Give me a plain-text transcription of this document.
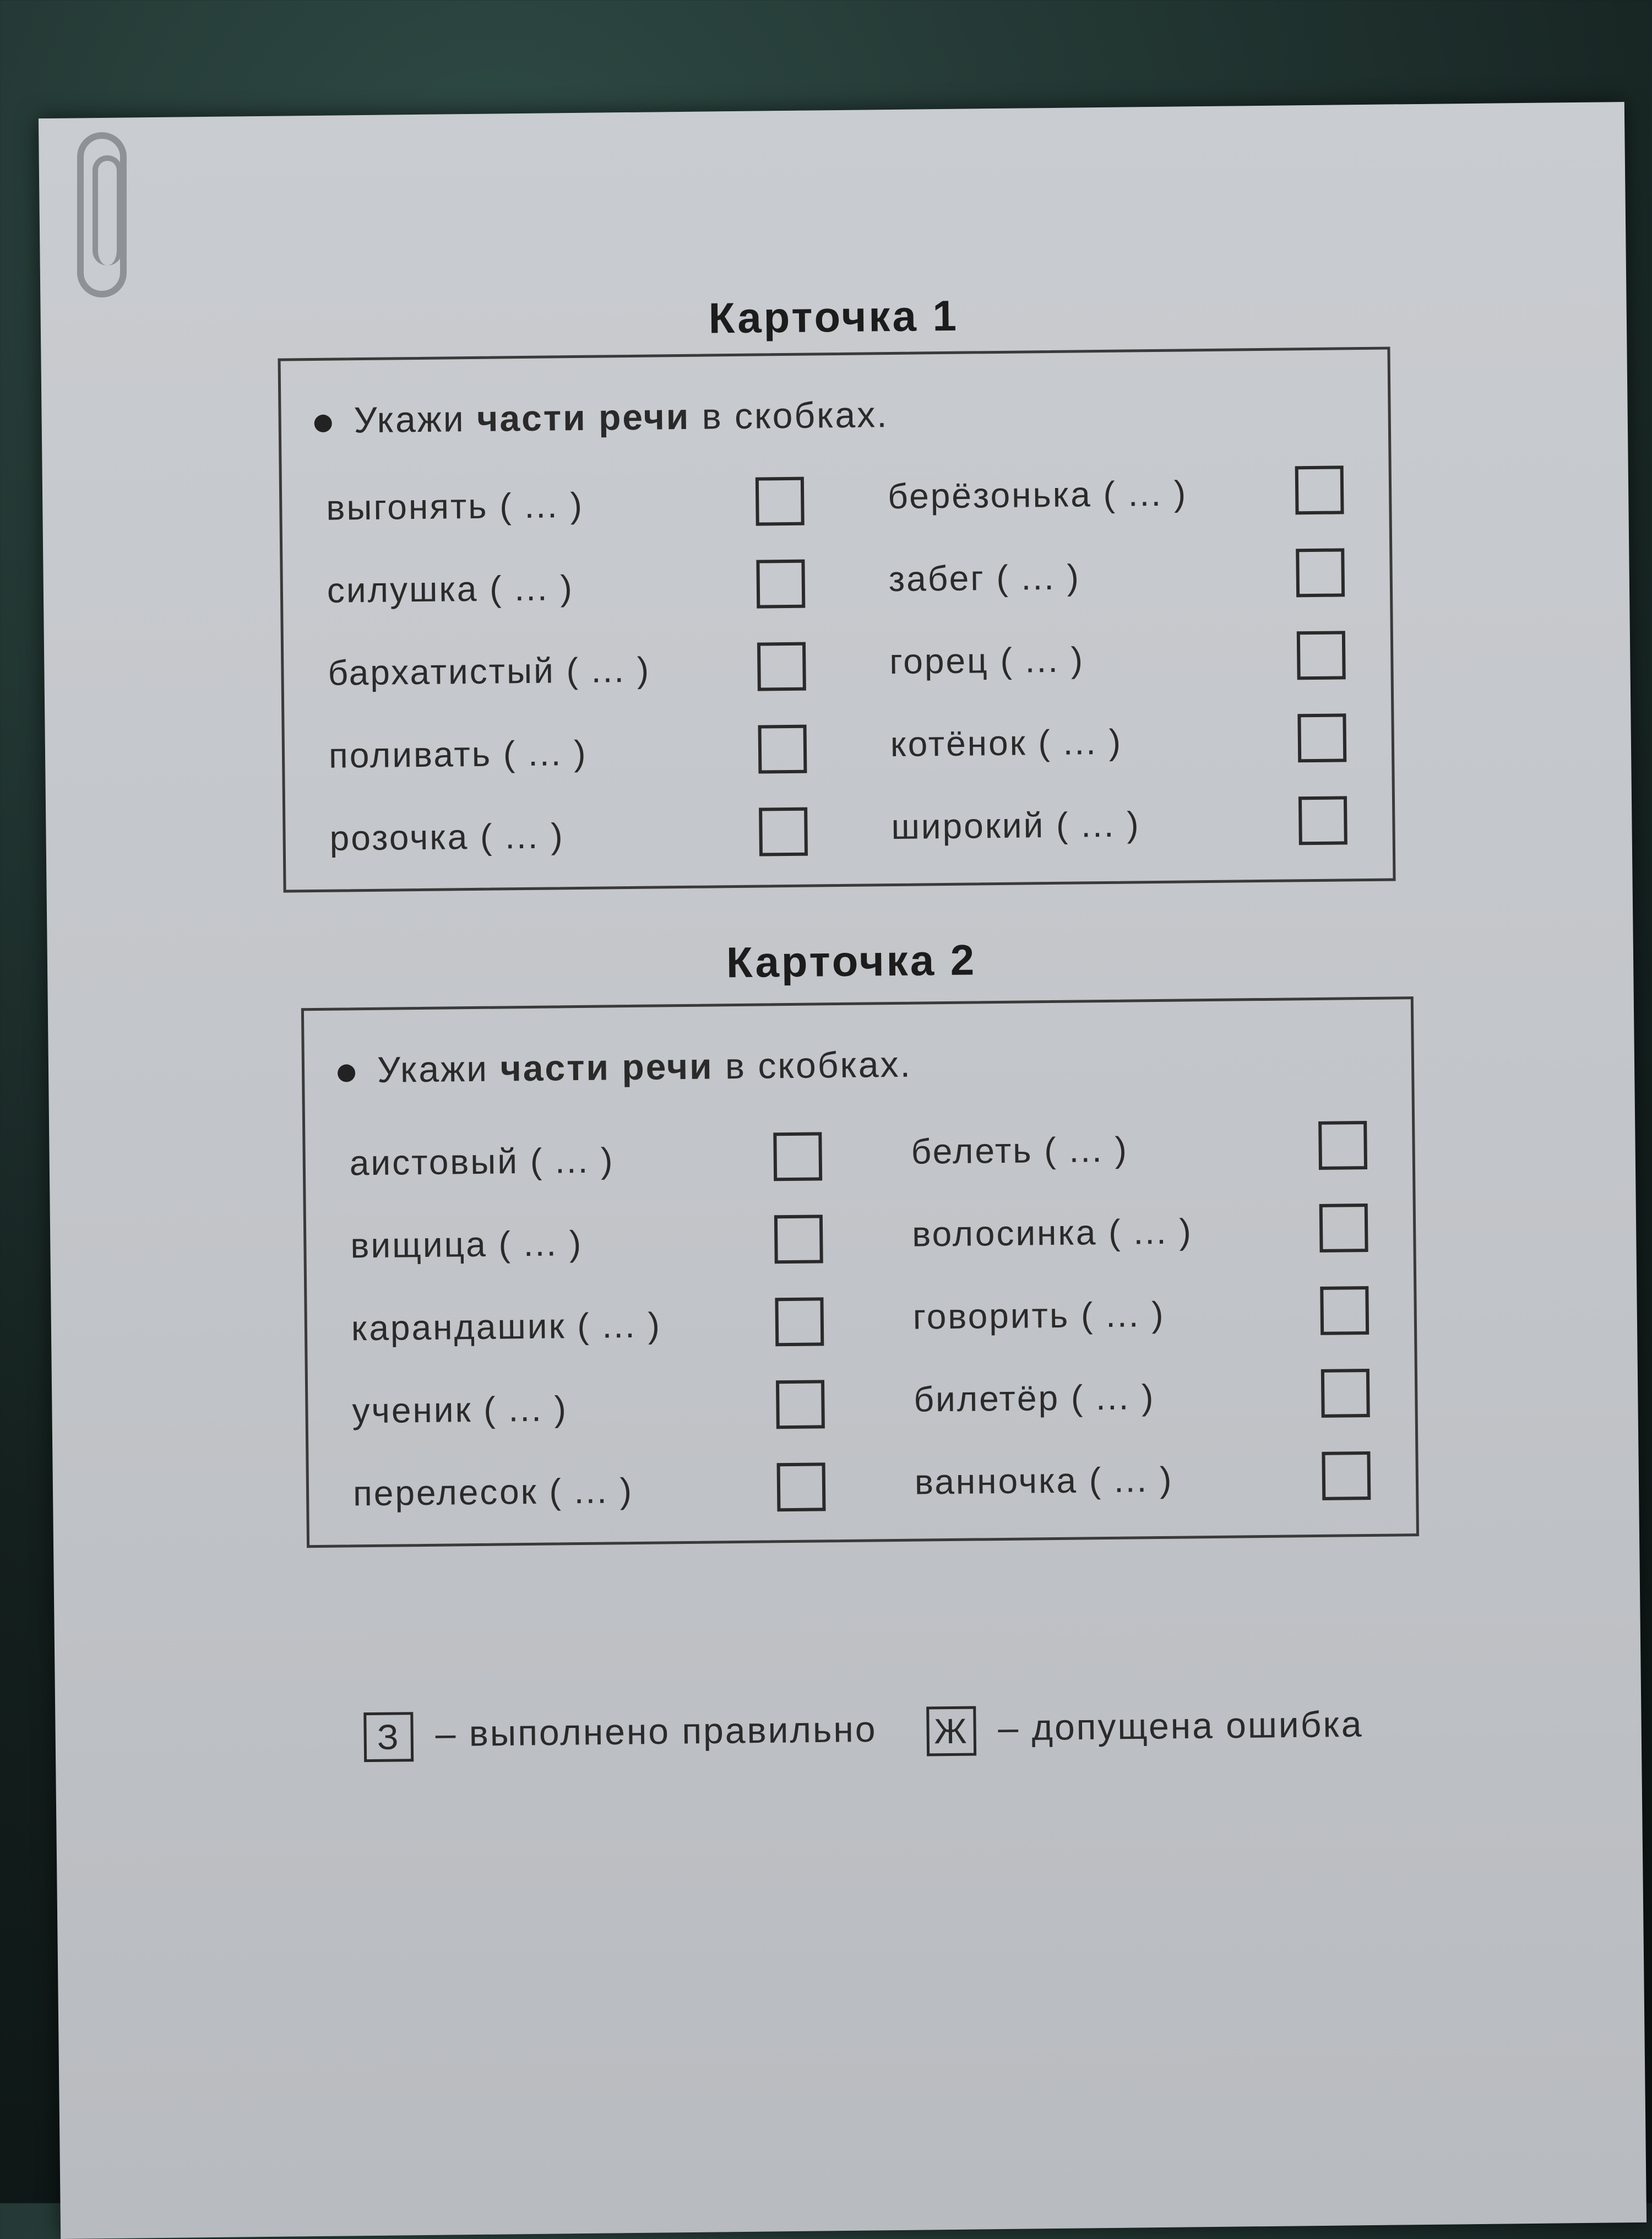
Карточка 1
Укажи части речи в скобках.
выгонять ( ... )
силушка ( ... )
бархатистый ( ... )
поливать ( ... )
розочка ( ... )
берёзонька ( ... )
забег ( ... )
горец ( ... )
котёнок ( ... )
широкий ( ... )
Карточка 2
Укажи части речи в скобках.
аистовый ( ... )
вищица ( ... )
карандашик ( ... )
ученик ( ... )
перелесок ( ... )
белеть ( ... )
волосинка ( ... )
говорить ( ... )
билетёр ( ... )
ванночка ( ... )
З – выполнено правильно Ж – допущена ошибка
